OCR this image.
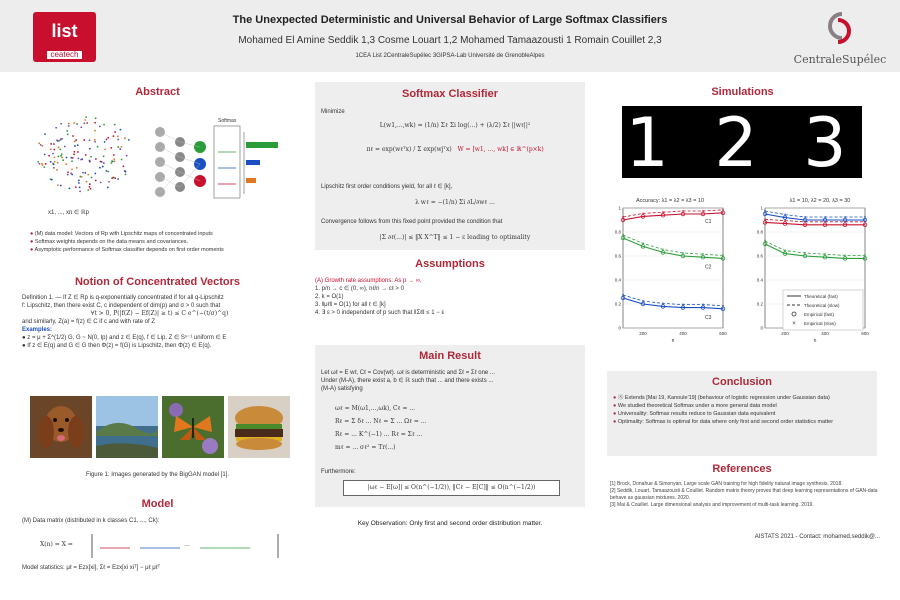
list
ceatech
The Unexpected Deterministic and Universal Behavior of Large Softmax Classifiers
Mohamed El Amine Seddik 1,3 Cosme Louart 1,2 Mohamed Tamaazousti 1 Romain Couillet 2,3
1CEA List 2CentraleSupélec 3GIPSA-Lab Université de GrenobleAlpes	CentraleSupélec
Abstract
Softmax
x1, ..., xn ∈ ℝp
● (M) data model: Vectors of Rp with Lipschitz maps of concentrated inputs
● Softmax weights depends on the data means and covariances.
● Asymptotic performance of Softmax classifier depends on first order moments
Notion of Concentrated Vectors
Definition 1. — If Z ∈ Rp is q-exponentially concentrated if for all q-Lipschitz
f: Lipschitz, then there exist C, c independent of dim(p) and σ > 0 such that
∀t > 0, P(|f(Z) − Ef(Z)| ≥ t) ≤ C e^(−(t/σ)^q)
and similarly, Z(a) = f(z) ∈ C if c and with rate of Z
Examples:
● z = μ + Σ^(1/2) G, G ~ N(0, Ip) and z ∈ E(q), f ∈ Lip, Z ∈ Sⁿ⁻¹ uniform ∈ E
● If z ∈ E(q) and G ∈ G then Φ(z) = f(G) is Lipschitz, then Φ(z) ∈ E(q).
Figure 1: Images generated by the BigGAN model [1].
Model
(M) Data matrix (distributed in k classes C1, ..., Ck):
X(n) = X =	…
Model statistics: μℓ = Ezx[xi], Σℓ = Ezx[xi xiᵀ] − μℓ μℓᵀ
Softmax Classifier
Minimize
L(w1,...,wk) = (1/n) Σℓ Σi log(...) + (λ/2) Σℓ ||wℓ||²
πℓ = exp(wℓᵀx) / Σ exp(wjᵀx)   W = [w1, ..., wk] ∈ ℝ^(p×k)
Lipschitz first order conditions yield, for all ℓ ∈ [k],
λ wℓ = −(1/n) Σi ∂L/∂wℓ ...
Convergence follows from this fixed point provided the condition that
|Σ ∂ℓ(...)| ≤ ‖X X^T‖ ≤ 1 − ε leading to optimality
Assumptions
(A) Growth rate assumptions: As p → ∞,
1. p/n → c ∈ (0, ∞), nℓ/n → cℓ > 0
2. k = O(1)
3. ‖μℓ‖ = O(1) for all ℓ ∈ [k]
4. ∃ ε > 0 independent of p such that ‖Σℓ‖ ≤ 1 − ε
Main Result
Let ωℓ = E wℓ, Cℓ = Cov(wℓ). ωℓ is deterministic and Σℓ = Σℓ one ...
Under (M-A), there exist a, b ∈ ℝ such that ... and there exists ...
(M-A) satisfying
ωℓ = M(ω1,...,ωk), Cℓ = ...
Rℓ = Σ δℓ ... Nℓ = Σ ... Ωℓ = ...
Rℓ = ... K^(−1) ... Rℓ = Σℓ ...
mℓ = ... σℓ² = Tr(...)
Furthermore:
|ωℓ − E[ω]| ≤ O(n^(−1/2)), ‖Cℓ − E[C]‖ ≤ O(n^(−1/2))
Key Observation: Only first and second order distribution matter.
Simulations
1 2 3
Accuracy: λ1 = λ2 = λ3 = 10	λ1 = 10, λ2 = 20, λ3 = 30
0
0.2
0.4
0.6
0.8
1
200	400	600
n
×
×	×	×	×	×
C1
×
×
×
×	×	×
C2
×
×	×	×	×	×
C3
0
0.2
0.4
0.6
0.8
1
200	400	600
n
×	×	×	×	×	×
×
×	×	×	×	×
×
×	×	×	×	×
Theoretical (fast)
Theoretical (slow)
Empirical (fast)
× Empirical (slow)
Conclusion
● Ⓢ Extends [Mai 19, Kanoule'19] (behaviour of logistic regression under Gaussian data)
● We studied theoretical Softmax under a more general data model
● Universality: Softmax results reduce to Gaussian data equivalent
● Optimality: Softmax is optimal for data where only first and second order statistics matter
References
[1] Brock, Donahue & Simonyan, Large scale GAN training for high fidelity natural image synthesis. 2018.
[2] Seddik, Louart, Tamaazousti & Couillet. Random matrix theory proves that deep learning representations of GAN-data behave as gaussian mixtures. 2020.
[3] Mai & Couillet. Large dimensional analysis and improvement of multi-task learning. 2019.
AISTATS 2021 - Contact: mohamed.seddik@...
